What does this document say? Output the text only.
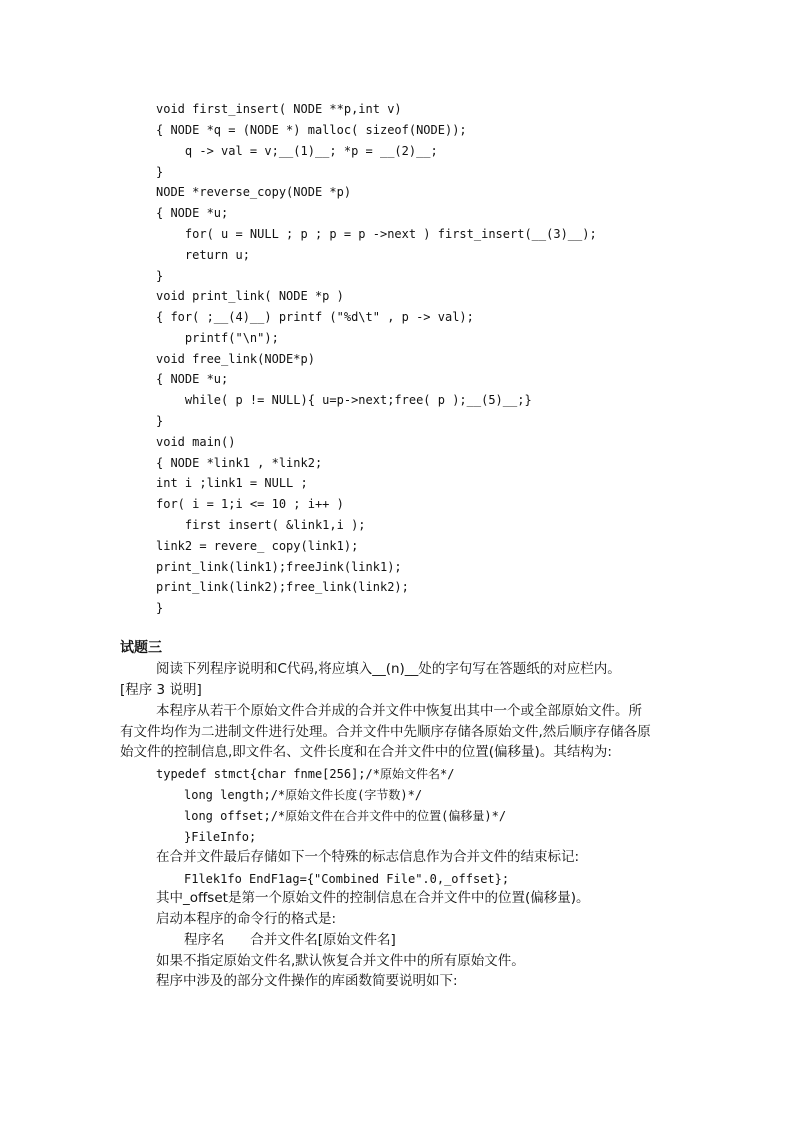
void first_insert( NODE **p,int v)
{ NODE *q = (NODE *) malloc( sizeof(NODE));
q -> val = v;__(1)__; *p = __(2)__;
}
NODE *reverse_copy(NODE *p)
{ NODE *u;
for( u = NULL ; p ; p = p ->next ) first_insert(__(3)__);
return u;
}
void print_link( NODE *p )
{ for( ;__(4)__) printf ("%d\t" , p -> val);
printf("\n");
void free_link(NODE*p)
{ NODE *u;
while( p != NULL){ u=p->next;free( p );__(5)__;}
}
void main()
{ NODE *link1 , *link2;
int i ;link1 = NULL ;
for( i = 1;i <= 10 ; i++ )
first insert( &link1,i );
link2 = revere_ copy(link1);
print_link(link1);freeJink(link1);
print_link(link2);free_link(link2);
}
试题三
阅读下列程序说明和C代码,将应填入__(n)__处的字句写在答题纸的对应栏内。
[程序 3 说明]
本程序从若干个原始文件合并成的合并文件中恢复出其中一个或全部原始文件。所
有文件均作为二进制文件进行处理。合并文件中先顺序存储各原始文件,然后顺序存储各原
始文件的控制信息,即文件名、文件长度和在合并文件中的位置(偏移量)。其结构为:
typedef stmct{char fnme[256];/*原始文件名*/
long length;/*原始文件长度(字节数)*/
long offset;/*原始文件在合并文件中的位置(偏移量)*/
}FileInfo;
在合并文件最后存储如下一个特殊的标志信息作为合并文件的结束标记:
F1lek1fo EndF1ag={"Combined File".0,_offset};
其中_offset是第一个原始文件的控制信息在合并文件中的位置(偏移量)。
启动本程序的命令行的格式是:
程序名      合并文件名[原始文件名]
如果不指定原始文件名,默认恢复合并文件中的所有原始文件。
程序中涉及的部分文件操作的库函数简要说明如下:
